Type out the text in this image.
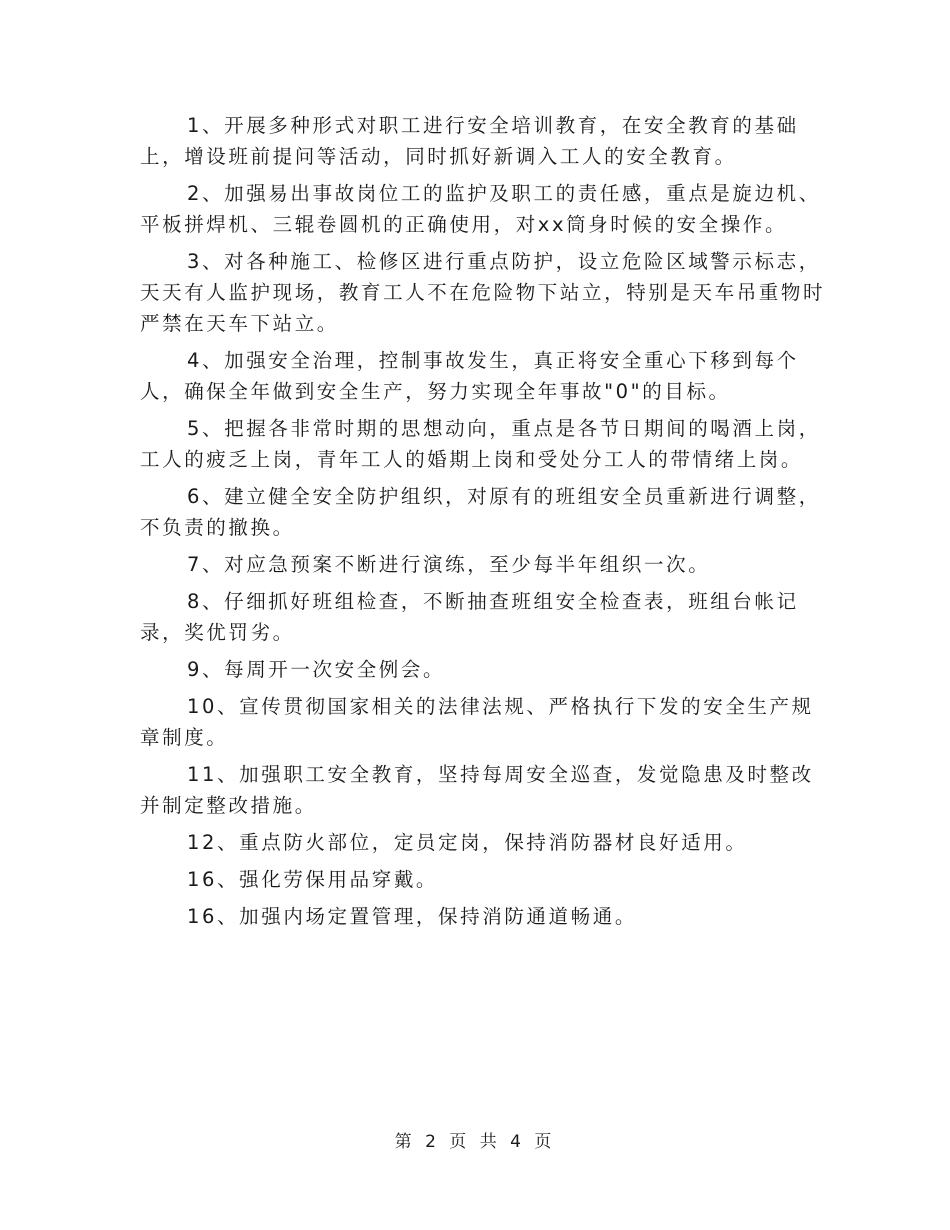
1、开展多种形式对职工进行安全培训教育，在安全教育的基础上，增设班前提问等活动，同时抓好新调入工人的安全教育。

2、加强易出事故岗位工的监护及职工的责任感，重点是旋边机、平板拼焊机、三辊卷圆机的正确使用，对xx筒身时候的安全操作。

3、对各种施工、检修区进行重点防护，设立危险区域警示标志，天天有人监护现场，教育工人不在危险物下站立，特别是天车吊重物时严禁在天车下站立。

4、加强安全治理，控制事故发生，真正将安全重心下移到每个人，确保全年做到安全生产，努力实现全年事故"0"的目标。

5、把握各非常时期的思想动向，重点是各节日期间的喝酒上岗，工人的疲乏上岗，青年工人的婚期上岗和受处分工人的带情绪上岗。

6、建立健全安全防护组织，对原有的班组安全员重新进行调整，不负责的撤换。

7、对应急预案不断进行演练，至少每半年组织一次。

8、仔细抓好班组检查，不断抽查班组安全检查表，班组台帐记录，奖优罚劣。

9、每周开一次安全例会。

10、宣传贯彻国家相关的法律法规、严格执行下发的安全生产规章制度。

11、加强职工安全教育，坚持每周安全巡查，发觉隐患及时整改并制定整改措施。

12、重点防火部位，定员定岗，保持消防器材良好适用。

16、强化劳保用品穿戴。

16、加强内场定置管理，保持消防通道畅通。

第 2 页 共 4 页
